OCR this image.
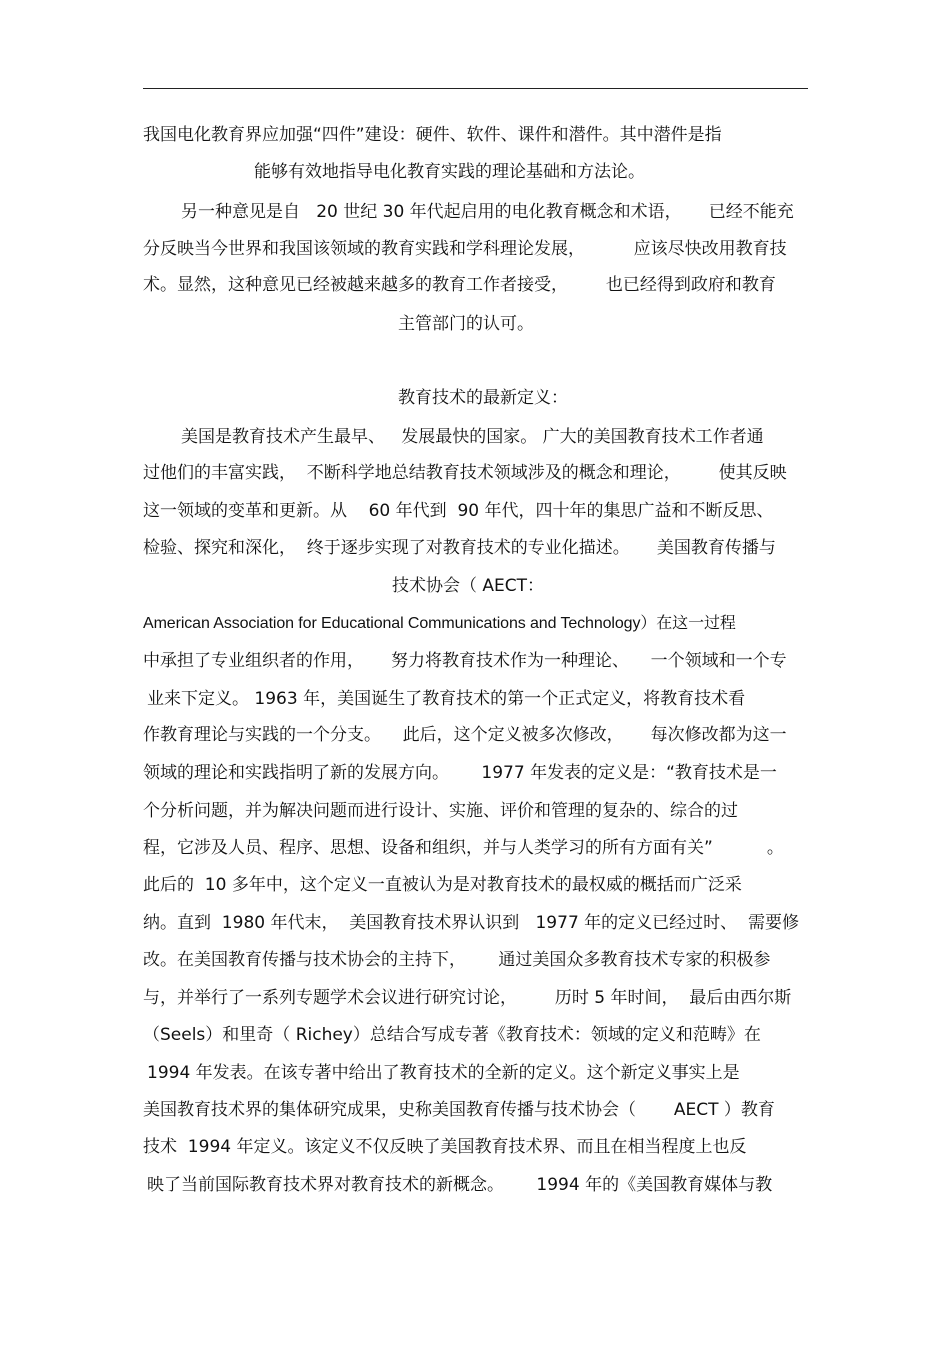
我国电化教育界应加强“四件”建设：硬件、软件、课件和潜件。其中潜件是指
能够有效地指导电化教育实践的理论基础和方法论。
另一种意见是自   20 世纪 30 年代起启用的电化教育概念和术语，     已经不能充
分反映当今世界和我国该领域的教育实践和学科理论发展，         应该尽快改用教育技
术。显然，这种意见已经被越来越多的教育工作者接受，       也已经得到政府和教育
主管部门的认可。
教育技术的最新定义：
美国是教育技术产生最早、   发展最快的国家。 广大的美国教育技术工作者通
过他们的丰富实践，  不断科学地总结教育技术领域涉及的概念和理论，       使其反映
这一领域的变革和更新。从    60 年代到  90 年代，四十年的集思广益和不断反思、
检验、探究和深化，  终于逐步实现了对教育技术的专业化描述。     美国教育传播与
技术协会（ AECT：
American Association for Educational Communications and Technology）在这一过程
中承担了专业组织者的作用，     努力将教育技术作为一种理论、    一个领域和一个专
业来下定义。 1963 年，美国诞生了教育技术的第一个正式定义，将教育技术看
作教育理论与实践的一个分支。    此后，这个定义被多次修改，     每次修改都为这一
领域的理论和实践指明了新的发展方向。      1977 年发表的定义是：“教育技术是一
个分析问题，并为解决问题而进行设计、实施、评价和管理的复杂的、综合的过
程，它涉及人员、程序、思想、设备和组织，并与人类学习的所有方面有关”          。
此后的  10 多年中，这个定义一直被认为是对教育技术的最权威的概括而广泛采
纳。直到  1980 年代末，  美国教育技术界认识到   1977 年的定义已经过时、  需要修
改。在美国教育传播与技术协会的主持下，      通过美国众多教育技术专家的积极参
与，并举行了一系列专题学术会议进行研究讨论，       历时 5 年时间，  最后由西尔斯
（Seels）和里奇（ Richey）总结合写成专著《教育技术：领域的定义和范畴》在
1994 年发表。在该专著中给出了教育技术的全新的定义。这个新定义事实上是
美国教育技术界的集体研究成果，史称美国教育传播与技术协会（       AECT ）教育
技术  1994 年定义。该定义不仅反映了美国教育技术界、而且在相当程度上也反
映了当前国际教育技术界对教育技术的新概念。      1994 年的《美国教育媒体与教
